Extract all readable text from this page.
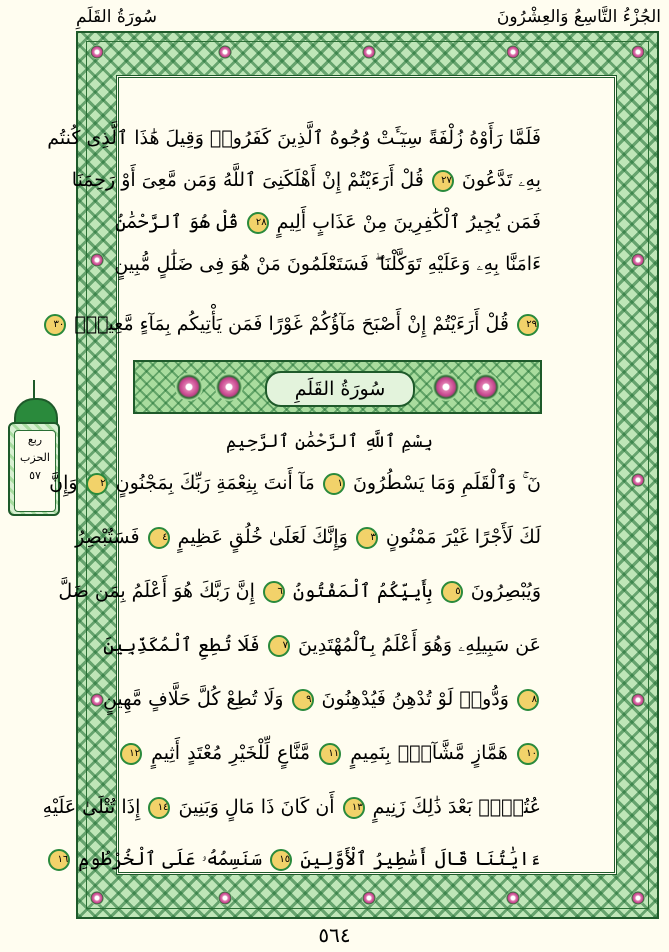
سُورَةُ القَلَمِ	الجُزْءُ التَّاسِعُ وَالعِشْرُونَ
ربع
الحزب
٥٧
فَلَمَّا رَأَوْهُ زُلْفَةً سِيٓـَٔتْ وُجُوهُ ٱلَّذِينَ كَفَرُوا۟ وَقِيلَ هَٰذَا ٱلَّذِى كُنتُم
بِهِۦ تَدَّعُونَ ٢٧ قُلْ أَرَءَيْتُمْ إِنْ أَهْلَكَنِىَ ٱللَّهُ وَمَن مَّعِىَ أَوْ رَحِمَنَا
فَمَن يُجِيرُ ٱلْكَٰفِرِينَ مِنْ عَذَابٍ أَلِيمٍ ٢٨ قُلْ هُوَ ٱلرَّحْمَٰنُ
ءَامَنَّا بِهِۦ وَعَلَيْهِ تَوَكَّلْنَا ۖ فَسَتَعْلَمُونَ مَنْ هُوَ فِى ضَلَٰلٍ مُّبِينٍ
٢٩ قُلْ أَرَءَيْتُمْ إِنْ أَصْبَحَ مَآؤُكُمْ غَوْرًا فَمَن يَأْتِيكُم بِمَآءٍ مَّعِينٍۭ ٣٠
سُورَةُ القَلَمِ
بِسْمِ ٱللَّهِ ٱلرَّحْمَٰنِ ٱلرَّحِيمِ
نٓ ۚ وَٱلْقَلَمِ وَمَا يَسْطُرُونَ ١ مَآ أَنتَ بِنِعْمَةِ رَبِّكَ بِمَجْنُونٍ ٢ وَإِنَّ
لَكَ لَأَجْرًا غَيْرَ مَمْنُونٍ ٣ وَإِنَّكَ لَعَلَىٰ خُلُقٍ عَظِيمٍ ٤ فَسَتُبْصِرُ
وَيُبْصِرُونَ ٥ بِأَييِّكُمُ ٱلْمَفْتُونُ ٦ إِنَّ رَبَّكَ هُوَ أَعْلَمُ بِمَن ضَلَّ
عَن سَبِيلِهِۦ وَهُوَ أَعْلَمُ بِٱلْمُهْتَدِينَ ٧ فَلَا تُطِعِ ٱلْمُكَذِّبِينَ
٨ وَدُّوا۟ لَوْ تُدْهِنُ فَيُدْهِنُونَ ٩ وَلَا تُطِعْ كُلَّ حَلَّافٍ مَّهِينٍ
١٠ هَمَّازٍ مَّشَّآءٍۭ بِنَمِيمٍ ١١ مَّنَّاعٍ لِّلْخَيْرِ مُعْتَدٍ أَثِيمٍ ١٢
عُتُلٍّۭ بَعْدَ ذَٰلِكَ زَنِيمٍ ١٣ أَن كَانَ ذَا مَالٍ وَبَنِينَ ١٤ إِذَا تُتْلَىٰ عَلَيْهِ
ءَايَٰتُنَا قَالَ أَسَٰطِيرُ ٱلْأَوَّلِينَ ١٥ سَنَسِمُهُۥ عَلَى ٱلْخُرْطُومِ ١٦
٥٦٤
